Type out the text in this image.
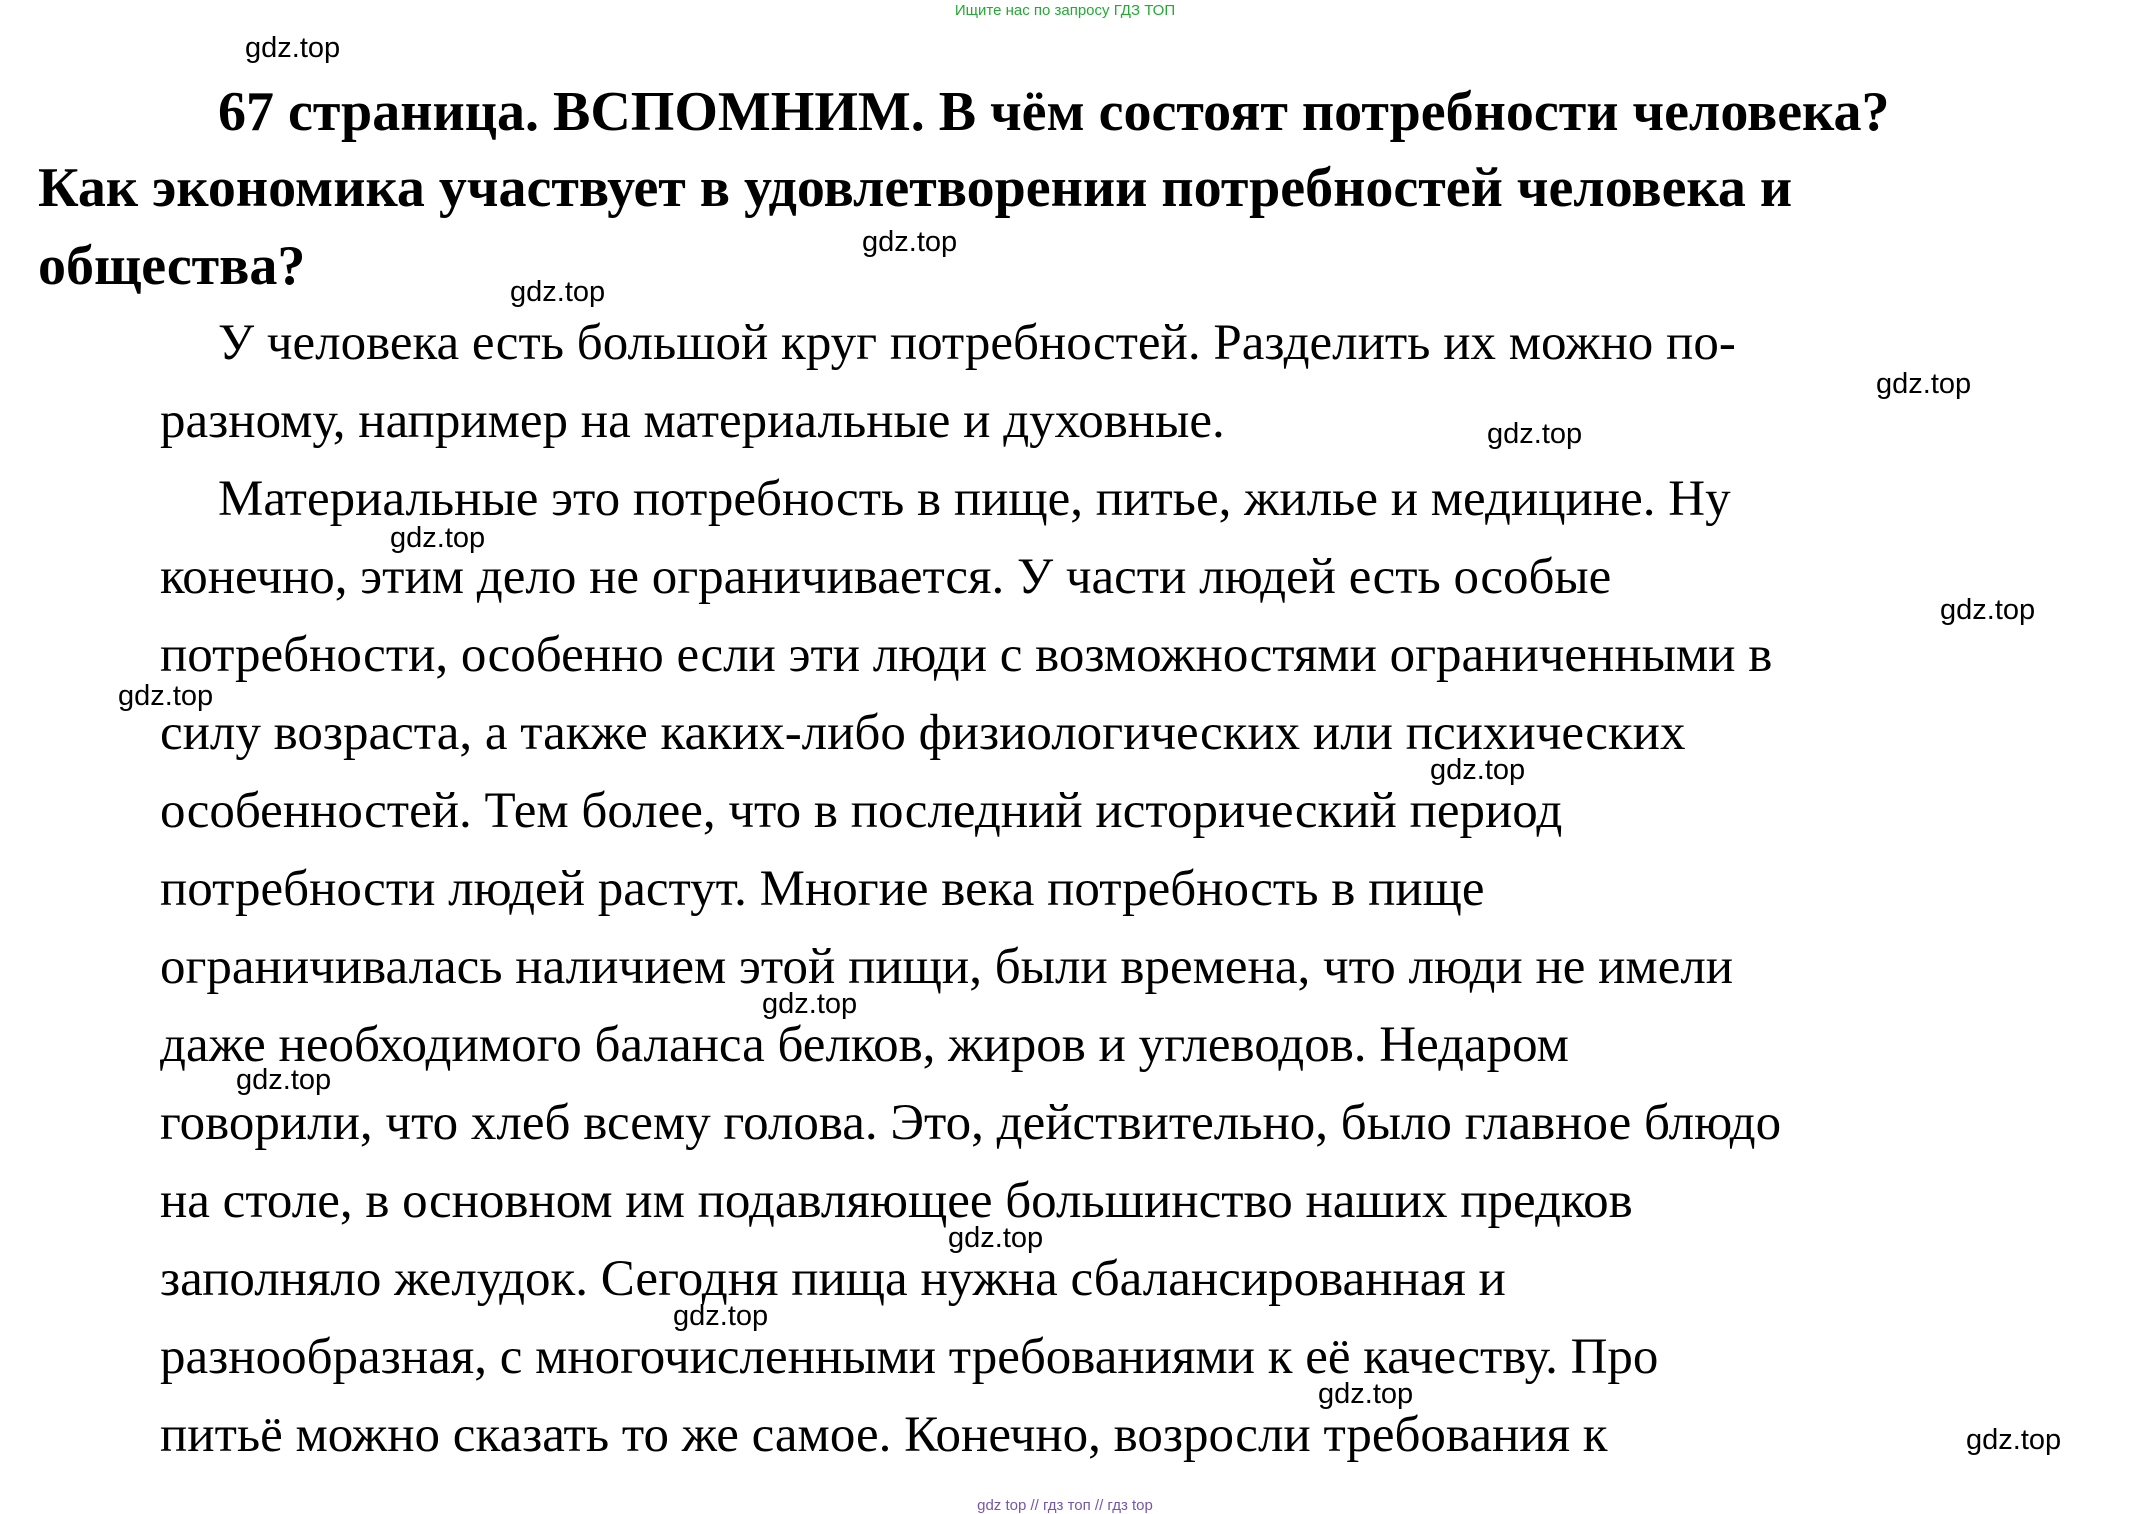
Ищите нас по запросу ГДЗ ТОП
67 страница. ВСПОМНИМ. В чём состоят потребности человека?
Как экономика участвует в удовлетворении потребностей человека и
общества?
У человека есть большой круг потребностей. Разделить их можно по-
разному, например на материальные и духовные.
Материальные это потребность в пище, питье, жилье и медицине. Ну
конечно, этим дело не ограничивается. У части людей есть особые
потребности, особенно если эти люди с возможностями ограниченными в
силу возраста, а также каких-либо физиологических или психических
особенностей. Тем более, что в последний исторический период
потребности людей растут. Многие века потребность в пище
ограничивалась наличием этой пищи, были времена, что люди не имели
даже необходимого баланса белков, жиров и углеводов. Недаром
говорили, что хлеб всему голова. Это, действительно, было главное блюдо
на столе, в основном им подавляющее большинство наших предков
заполняло желудок. Сегодня пища нужна сбалансированная и
разнообразная, с многочисленными требованиями к её качеству. Про
питьё можно сказать то же самое. Конечно, возросли требования к
gdz.top
gdz.top
gdz.top
gdz.top
gdz.top
gdz.top
gdz.top
gdz.top
gdz.top
gdz.top
gdz.top
gdz.top
gdz.top
gdz.top
gdz.top
gdz top // гдз топ // гдз top
